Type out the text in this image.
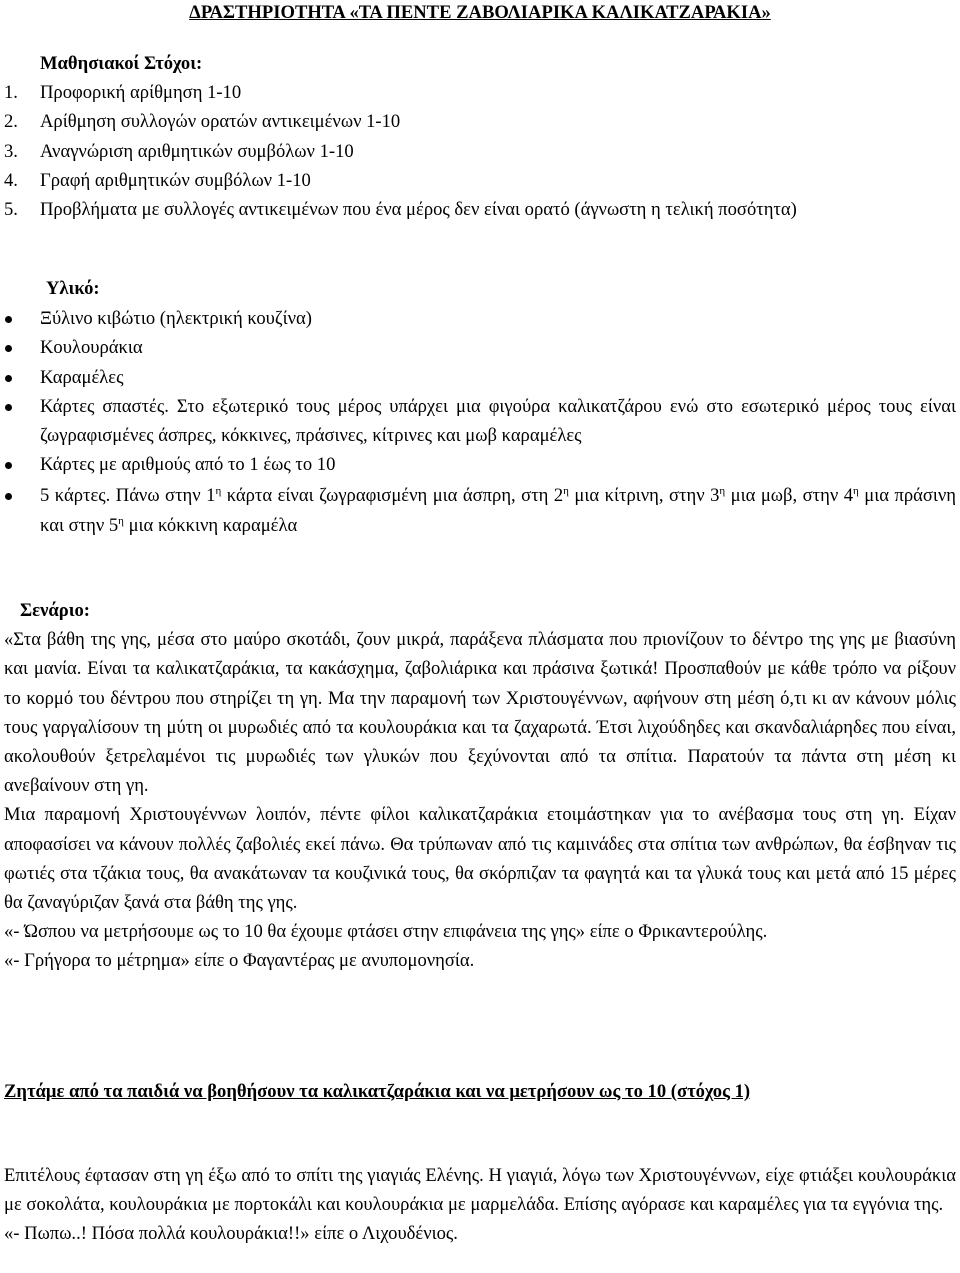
ΔΡΑΣΤΗΡΙΟΤΗΤΑ «ΤΑ ΠΕΝΤΕ ΖΑΒΟΛΙΑΡΙΚΑ ΚΑΛΙΚΑΤΖΑΡΑΚΙΑ»
Μαθησιακοί Στόχοι:
1. Προφορική αρίθμηση 1-10
2. Αρίθμηση συλλογών ορατών αντικειμένων 1-10
3. Αναγνώριση αριθμητικών συμβόλων 1-10
4. Γραφή αριθμητικών συμβόλων 1-10
5. Προβλήματα με συλλογές αντικειμένων που ένα μέρος δεν είναι ορατό (άγνωστη η τελική ποσότητα)
Υλικό:
Ξύλινο κιβώτιο (ηλεκτρική κουζίνα)
Κουλουράκια
Καραμέλες
Κάρτες σπαστές. Στο εξωτερικό τους μέρος υπάρχει μια φιγούρα καλικατζάρου ενώ στο εσωτερικό μέρος τους είναι ζωγραφισμένες άσπρες, κόκκινες, πράσινες, κίτρινες και μωβ καραμέλες
Κάρτες με αριθμούς από το 1 έως το 10
5 κάρτες. Πάνω στην $1^\eta$ κάρτα είναι ζωγραφισμένη μια άσπρη, στη $2^\eta$ μια κίτρινη, στην $3^\eta$ μια μωβ, στην $4^\eta$ μια πράσινη και στην $5^\eta$ μια κόκκινη καραμέλα
Σενάριο:

«Στα βάθη της γης, μέσα στο μαύρο σκοτάδι, ζουν μικρά, παράξενα πλάσματα που πριονίζουν το δέντρο της γης με βιασύνη και μανία. Είναι τα καλικατζαράκια, τα κακάσχημα, ζαβολιάρικα και πράσινα ξωτικά! Προσπαθούν με κάθε τρόπο να ρίξουν το κορμό του δέντρου που στηρίζει τη γη. Μα την παραμονή των Χριστουγέννων, αφήνουν στη μέση ό,τι κι αν κάνουν μόλις τους γαργαλίσουν τη μύτη οι μυρωδιές από τα κουλουράκια και τα ζαχαρωτά. Έτσι λιχούδηδες και σκανδαλιάρηδες που είναι, ακολουθούν ξετρελαμένοι τις μυρωδιές των γλυκών που ξεχύνονται από τα σπίτια. Παρατούν τα πάντα στη μέση κι ανεβαίνουν στη γη.

Μια παραμονή Χριστουγέννων λοιπόν, πέντε φίλοι καλικατζαράκια ετοιμάστηκαν για το ανέβασμα τους στη γη. Είχαν αποφασίσει να κάνουν πολλές ζαβολιές εκεί πάνω. Θα τρύπωναν από τις καμινάδες στα σπίτια των ανθρώπων, θα έσβηναν τις φωτιές στα τζάκια τους, θα ανακάτωναν τα κουζινικά τους, θα σκόρπιζαν τα φαγητά και τα γλυκά τους και μετά από 15 μέρες θα ζαναγύριζαν ξανά στα βάθη της γης.

«- Ώσπου να μετρήσουμε ως το 10 θα έχουμε φτάσει στην επιφάνεια της γης» είπε ο Φρικαντερούλης.

«- Γρήγορα το μέτρημα» είπε ο Φαγαντέρας με ανυπομονησία.

Ζητάμε από τα παιδιά να βοηθήσουν τα καλικατζαράκια και να μετρήσουν ως το 10 (στόχος 1)

Επιτέλους έφτασαν στη γη έξω από το σπίτι της γιαγιάς Ελένης. Η γιαγιά, λόγω των Χριστουγέννων, είχε φτιάξει κουλουράκια με σοκολάτα, κουλουράκια με πορτοκάλι και κουλουράκια με μαρμελάδα. Επίσης αγόρασε και καραμέλες για τα εγγόνια της.

«- Πωπω..! Πόσα πολλά κουλουράκια!!» είπε ο Λιχουδένιος.
